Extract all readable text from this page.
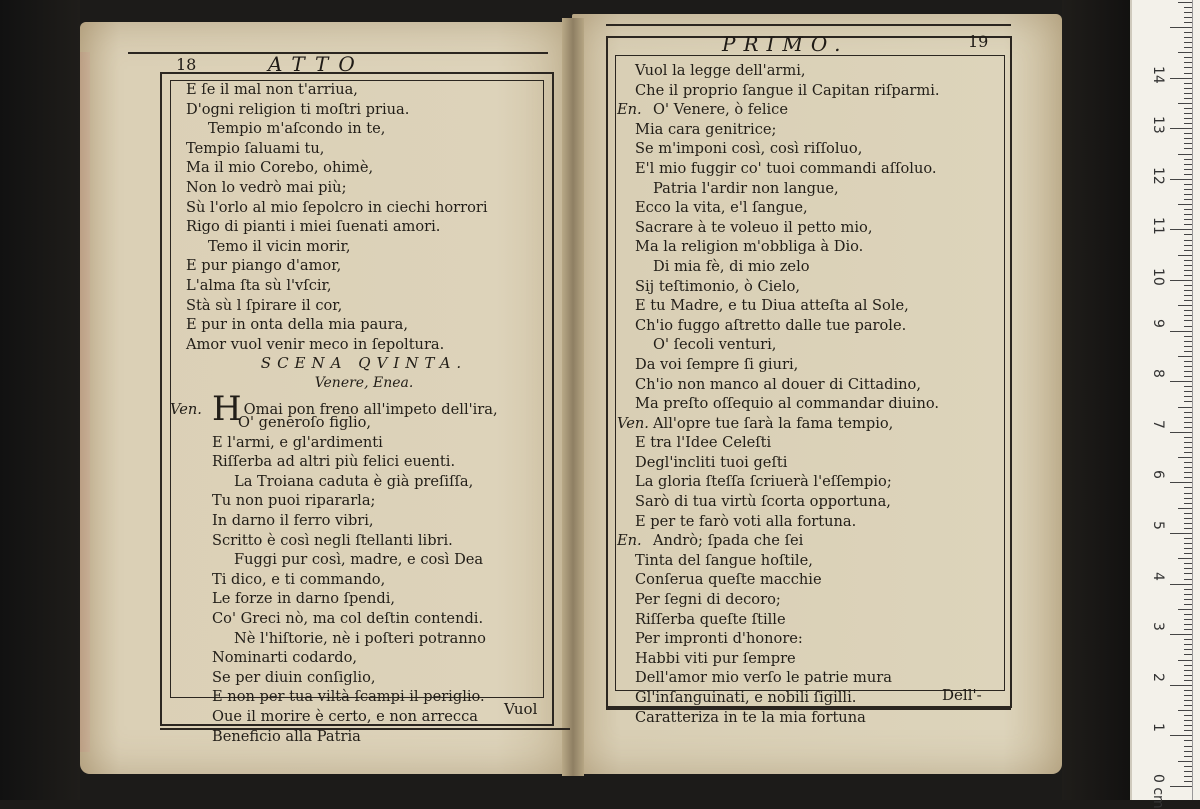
18	ATTO
Vuol
E ſe il mal non t'arriua,
D'ogni religion ti moſtri priua.
Tempio m'aſcondo in te,
Tempio ſaluami tu,
Ma il mio Corebo, ohimè,
Non lo vedrò mai più;
Sù l'orlo al mio ſepolcro in ciechi horrori
Rigo di pianti i miei ſuenati amori.
Temo il vicin morir,
E pur piango d'amor,
L'alma ſta sù l'vſcir,
Stà sù l ſpirare il cor,
E pur in onta della mia paura,
Amor vuol venir meco in ſepoltura.
SCENA QVINTA.
Venere, Enea.
Ven. H Omai pon freno all'impeto dell'ira,
O' generoſo figlio,
E l'armi, e gl'ardimenti
Riſſerba ad altri più felici euenti.
La Troiana caduta è già preſiſſa,
Tu non puoi ripararla;
In darno il ferro vibri,
Scritto è così negli ſtellanti libri.
Fuggi pur così, madre, e così Dea
Ti dico, e ti commando,
Le forze in darno ſpendi,
Co' Greci nò, ma col deſtin contendi.
Nè l'hiſtorie, nè i poſteri potranno
Nominarti codardo,
Se per diuin conſiglio,
E non per tua viltà ſcampi il periglio.
Oue il morire è certo, e non arrecca
Beneficio alla Patria
PRIMO.	19
Dell'-
Vuol la legge dell'armi,
Che il proprio ſangue il Capitan riſparmi.
En. O' Venere, ò felice
Mia cara genitrice;
Se m'imponi così, così riſſoluo,
E'l mio fuggir co' tuoi commandi aſſoluo.
Patria l'ardir non langue,
Ecco la vita, e'l ſangue,
Sacrare à te voleuo il petto mio,
Ma la religion m'obbliga à Dio.
Di mia fè, di mio zelo
Sij teſtimonio, ò Cielo,
E tu Madre, e tu Diua atteſta al Sole,
Ch'io fuggo aſtretto dalle tue parole.
O' ſecoli venturi,
Da voi ſempre ſi giuri,
Ch'io non manco al douer di Cittadino,
Ma preſto oſſequio al commandar diuino.
Ven. All'opre tue ſarà la fama tempio,
E tra l'Idee Celeſti
Degl'incliti tuoi geſti
La gloria ſteſſa ſcriuerà l'eſſempio;
Sarò di tua virtù ſcorta opportuna,
E per te farò voti alla fortuna.
En. Andrò; ſpada che ſei
Tinta del ſangue hoſtile,
Conſerua queſte macchie
Per ſegni di decoro;
Riſſerba queſte ſtille
Per impronti d'honore:
Habbi viti pur ſempre
Dell'amor mio verſo le patrie mura
Gl'inſanguinati, e nobili ſigilli.
Caratteriza in te la mia fortuna
14
13
12
11
10
9
8
7
6
5
4
3
2
1
0 cm
